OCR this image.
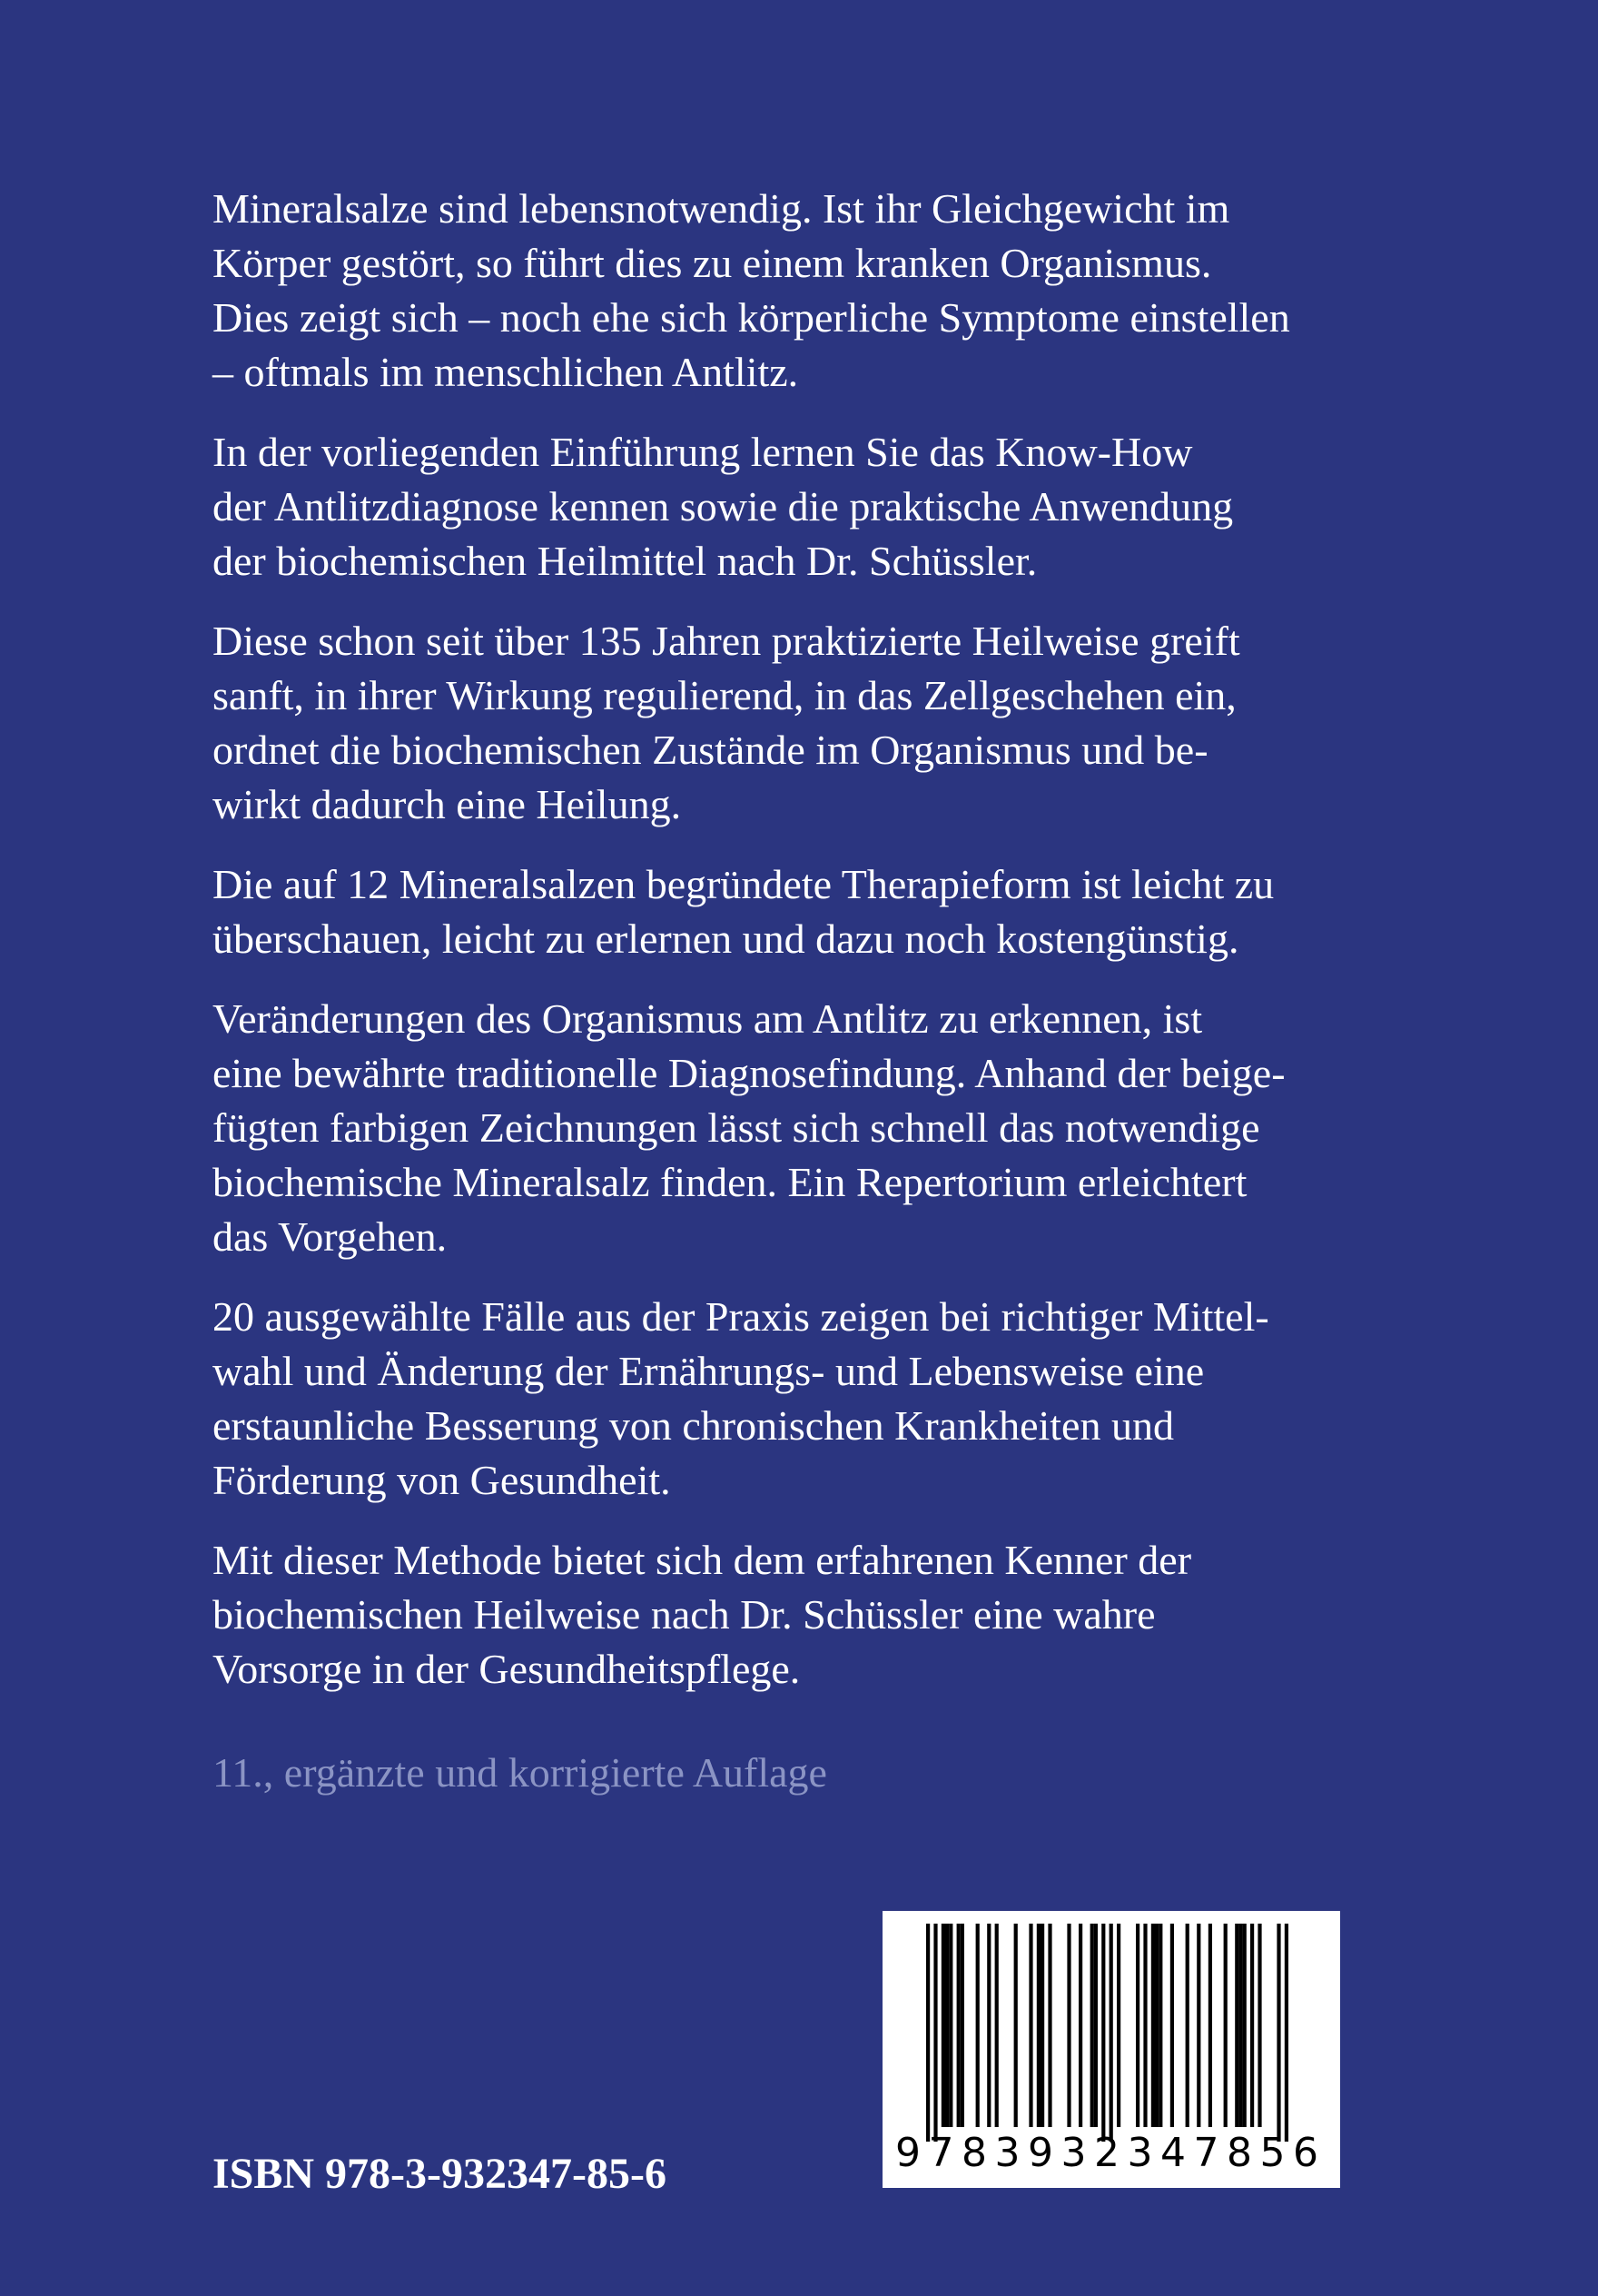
Mineralsalze sind lebensnotwendig. Ist ihr Gleichgewicht im
Körper gestört, so führt dies zu einem kranken Organismus.
Dies zeigt sich – noch ehe sich körperliche Symptome einstellen
– oftmals im menschlichen Antlitz.

In der vorliegenden Einführung lernen Sie das Know-How
der Antlitzdiagnose kennen sowie die praktische Anwendung
der biochemischen Heilmittel nach Dr. Schüssler.

Diese schon seit über 135 Jahren praktizierte Heilweise greift
sanft, in ihrer Wirkung regulierend, in das Zellgeschehen ein,
ordnet die biochemischen Zustände im Organismus und be-
wirkt dadurch eine Heilung.

Die auf 12 Mineralsalzen begründete Therapieform ist leicht zu
überschauen, leicht zu erlernen und dazu noch kostengünstig.

Veränderungen des Organismus am Antlitz zu erkennen, ist
eine bewährte traditionelle Diagnosefindung. Anhand der beige-
fügten farbigen Zeichnungen lässt sich schnell das notwendige
biochemische Mineralsalz finden. Ein Repertorium erleichtert
das Vorgehen.

20 ausgewählte Fälle aus der Praxis zeigen bei richtiger Mittel-
wahl und Änderung der Ernährungs- und Lebensweise eine
erstaunliche Besserung von chronischen Krankheiten und
Förderung von Gesundheit.

Mit dieser Methode bietet sich dem erfahrenen Kenner der
biochemischen Heilweise nach Dr. Schüssler eine wahre
Vorsorge in der Gesundheitspflege.

11., ergänzte und korrigierte Auflage
ISBN 978-3-932347-85-6	9 7 8 3 9 3 2 3 4 7 8 5 6
